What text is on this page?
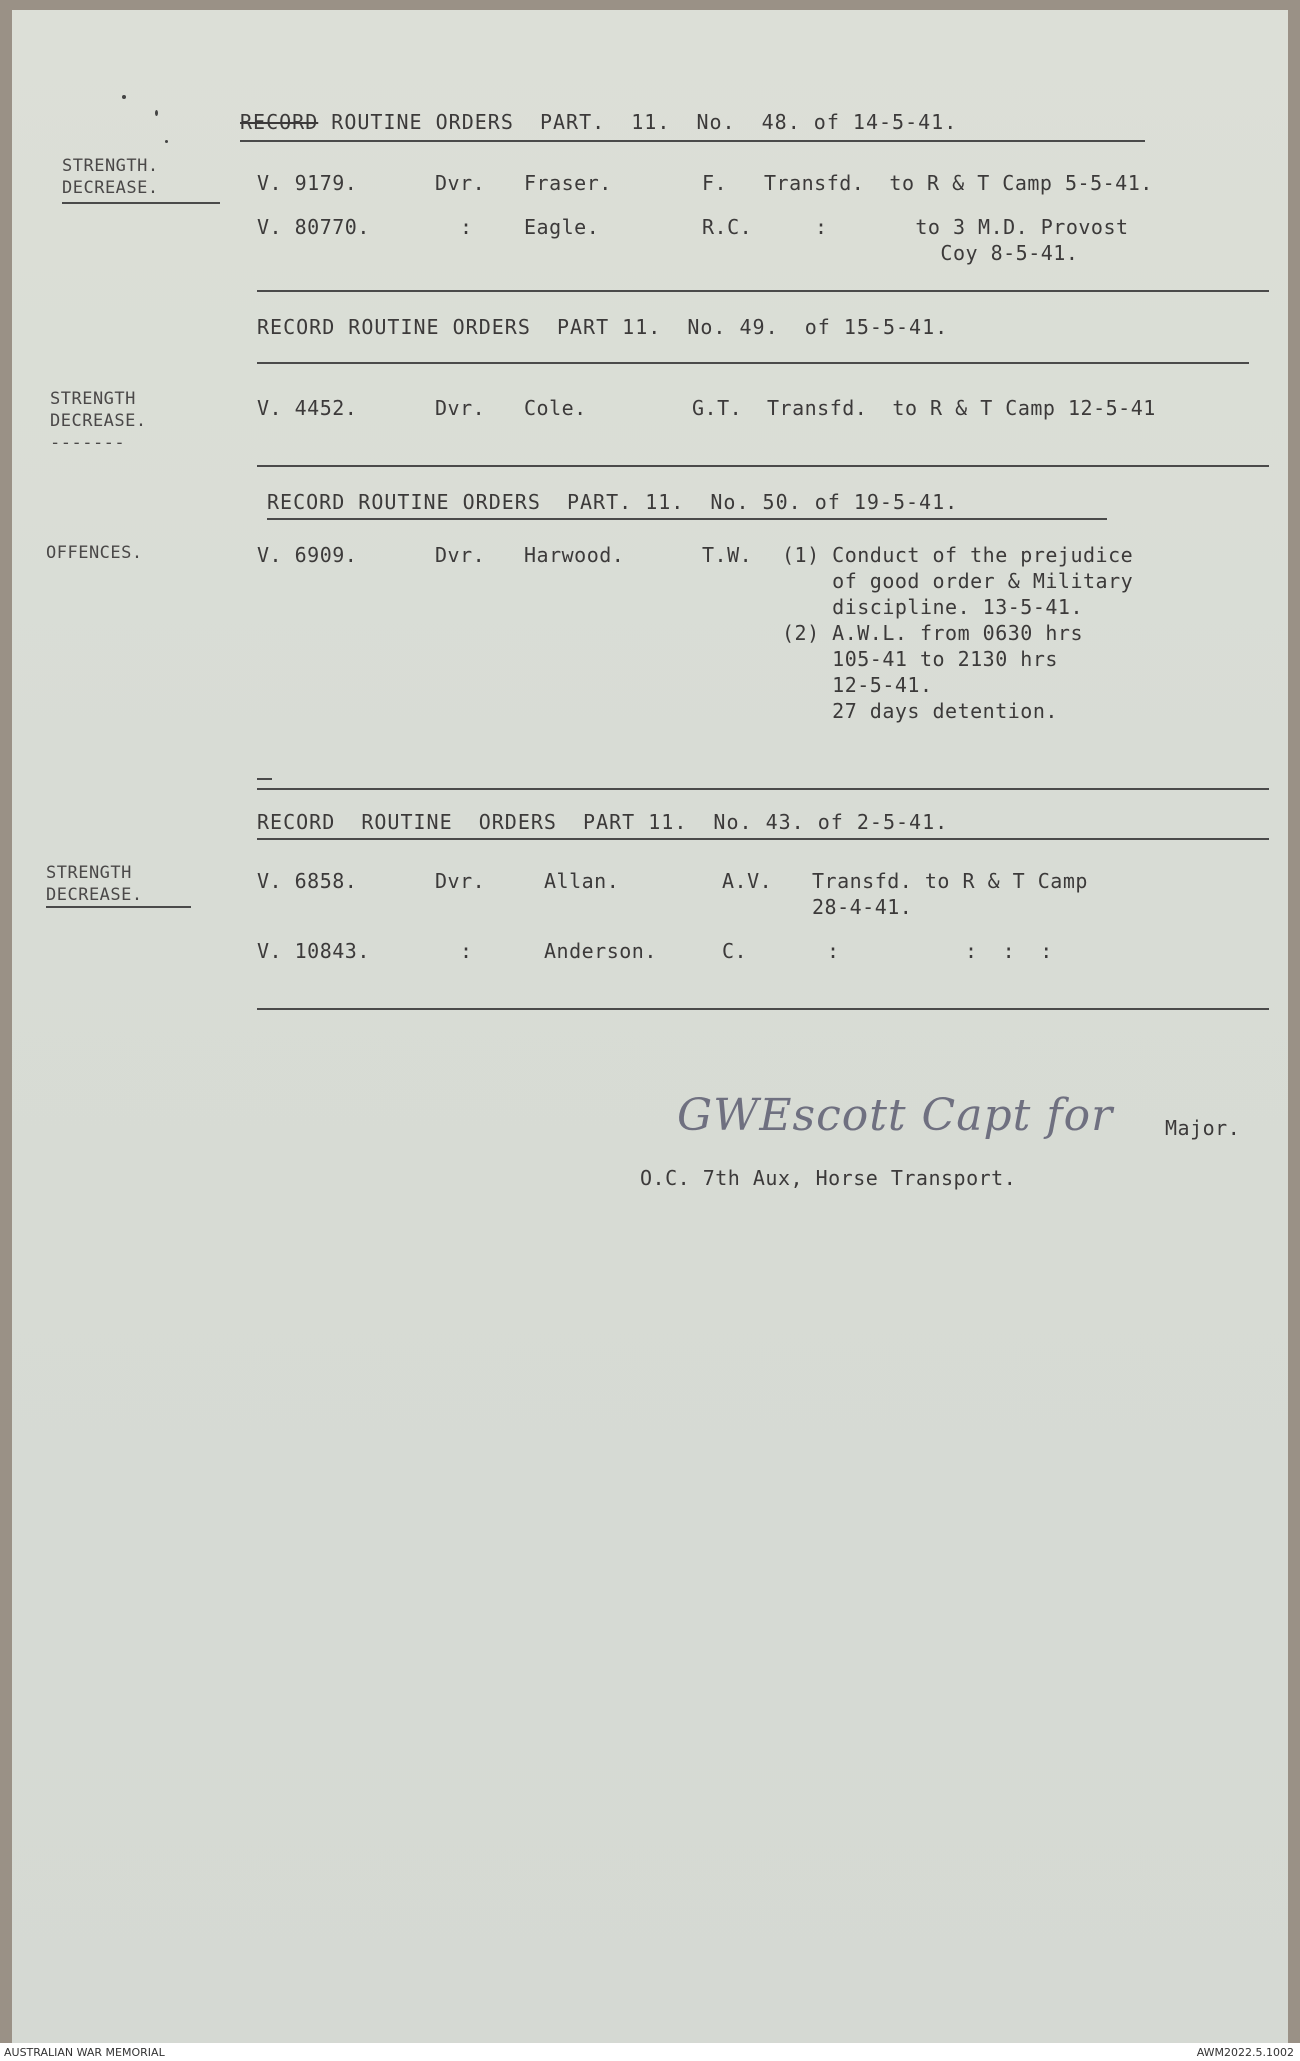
RECORD ROUTINE ORDERS  PART.  11.  No.  48. of 14-5-41.
STRENGTH.
DECREASE.	V. 9179.	Dvr. Fraser.	F. Transfd.  to R & T Camp 5-5-41.
V. 80770.	:	Eagle.	R.C.	:       to 3 M.D. Provost
Coy 8-5-41.
RECORD ROUTINE ORDERS  PART 11.  No. 49.  of 15-5-41.
STRENGTH
DECREASE.
-------
V. 4452.	Dvr. Cole.	G.T. Transfd.  to R & T Camp 12-5-41
RECORD ROUTINE ORDERS  PART. 11.  No. 50. of 19-5-41.
OFFENCES.	V. 6909.	Dvr. Harwood.	T.W. (1) Conduct of the prejudice
of good order & Military
discipline. 13-5-41.
(2) A.W.L. from 0630 hrs
105-41 to 2130 hrs
12-5-41.
27 days detention.
RECORD  ROUTINE  ORDERS  PART 11.  No. 43. of 2-5-41.
STRENGTH
DECREASE.
V. 6858.	Dvr.	Allan.	A.V. Transfd. to R & T Camp
28-4-41.
V. 10843.	:	Anderson.	C.	:          :  :  :
GWEscott Capt for	Major.
O.C. 7th Aux, Horse Transport.
AUSTRALIAN WAR MEMORIAL	AWM2022.5.1002
